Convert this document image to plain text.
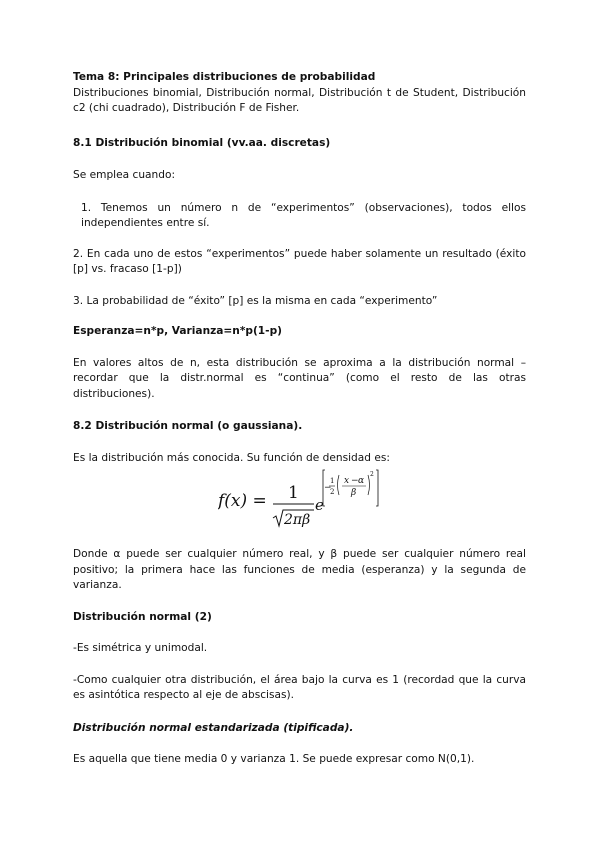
Tema 8: Principales distribuciones de probabilidad

Distribuciones binomial, Distribución normal, Distribución t de Student, Distribución c2 (chi cuadrado), Distribución F de Fisher.

8.1 Distribución binomial (vv.aa. discretas)

Se emplea cuando:

1. Tenemos un número n de “experimentos” (observaciones), todos ellos independientes entre sí.

2. En cada uno de estos “experimentos” puede haber solamente un resultado (éxito [p] vs. fracaso [1-p])

3. La probabilidad de “éxito” [p] es la misma en cada “experimento”

Esperanza=n*p, Varianza=n*p(1-p)

En valores altos de n, esta distribución se aproxima a la distribución normal –recordar que la distr.normal es “continua” (como el resto de las otras distribuciones).

8.2 Distribución normal (o gaussiana).

Es la distribución más conocida. Su función de densidad es:

Donde α puede ser cualquier número real, y β puede ser cualquier número real positivo; la primera hace las funciones de media (esperanza) y la segunda de varianza.

Distribución normal (2)

-Es simétrica y unimodal.

-Como cualquier otra distribución, el área bajo la curva es 1 (recordad que la curva es asintótica respecto al eje de abscisas).

Distribución normal estandarizada (tipificada).

Es aquella que tiene media 0 y varianza 1. Se puede expresar como N(0,1).

f(x) = 1
2πβ
e
−
1
2
x − α
β
2
